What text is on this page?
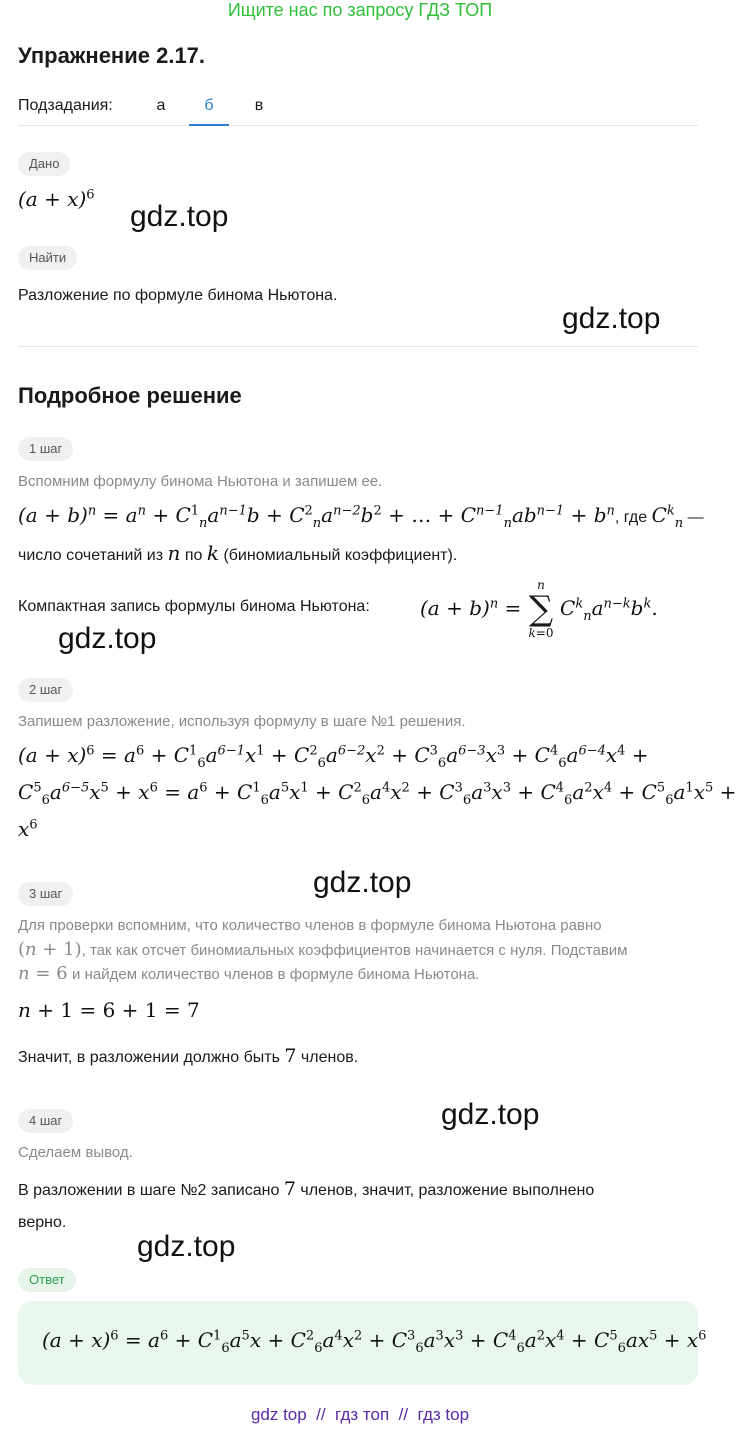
Ищите нас по запросу ГДЗ ТОП
Упражнение 2.17.
Подзадания:	а	б	в
Дано
$(a + x)^6$
gdz.top
Найти
Разложение по формуле бинома Ньютона.
gdz.top
Подробное решение
1 шаг
Вспомним формулу бинома Ньютона и запишем ее.
$(a + b)^n = a^n + C^1_na^{n-1}b + C^2_na^{n-2}b^2$ + … + $C^{n-1}_nab^{n-1} + b^n$, где $C^k_n$ —
число сочетаний из n по k (биномиальный коэффициент).
Компактная запись формулы бинома Ньютона:	$(a + b)^n$ =
n
∑
k=0
$C^k_na^{n-k}b^k$.
gdz.top
2 шаг
Запишем разложение, используя формулу в шаге №1 решения.
$(a + x)^6 = a^6 + C^1_6a^{6-1}x^1 + C^2_6a^{6-2}x^2 + C^3_6a^{6-3}x^3 + C^4_6a^{6-4}x^4$ +
$C^5_6a^{6-5}x^5 + x^6 = a^6 + C^1_6a^5x^1 + C^2_6a^4x^2 + C^3_6a^3x^3 + C^4_6a^2x^4 + C^5_6a^1x^5$ +
$x^6$
gdz.top
3 шаг
Для проверки вспомним, что количество членов в формуле бинома Ньютона равно
(n + 1), так как отсчет биномиальных коэффициентов начинается с нуля. Подставим
n = 6 и найдем количество членов в формуле бинома Ньютона.
n + 1 = 6 + 1 = 7
Значит, в разложении должно быть 7 членов.
4 шаг	gdz.top
Сделаем вывод.
В разложении в шаге №2 записано 7 членов, значит, разложение выполнено
верно.
gdz.top
Ответ
$(a + x)^6 = a^6 + C^1_6a^5x + C^2_6a^4x^2 + C^3_6a^3x^3 + C^4_6a^2x^4 + C^5_6ax^5 + x^6$
gdz top  //  гдз топ  //  гдз top
